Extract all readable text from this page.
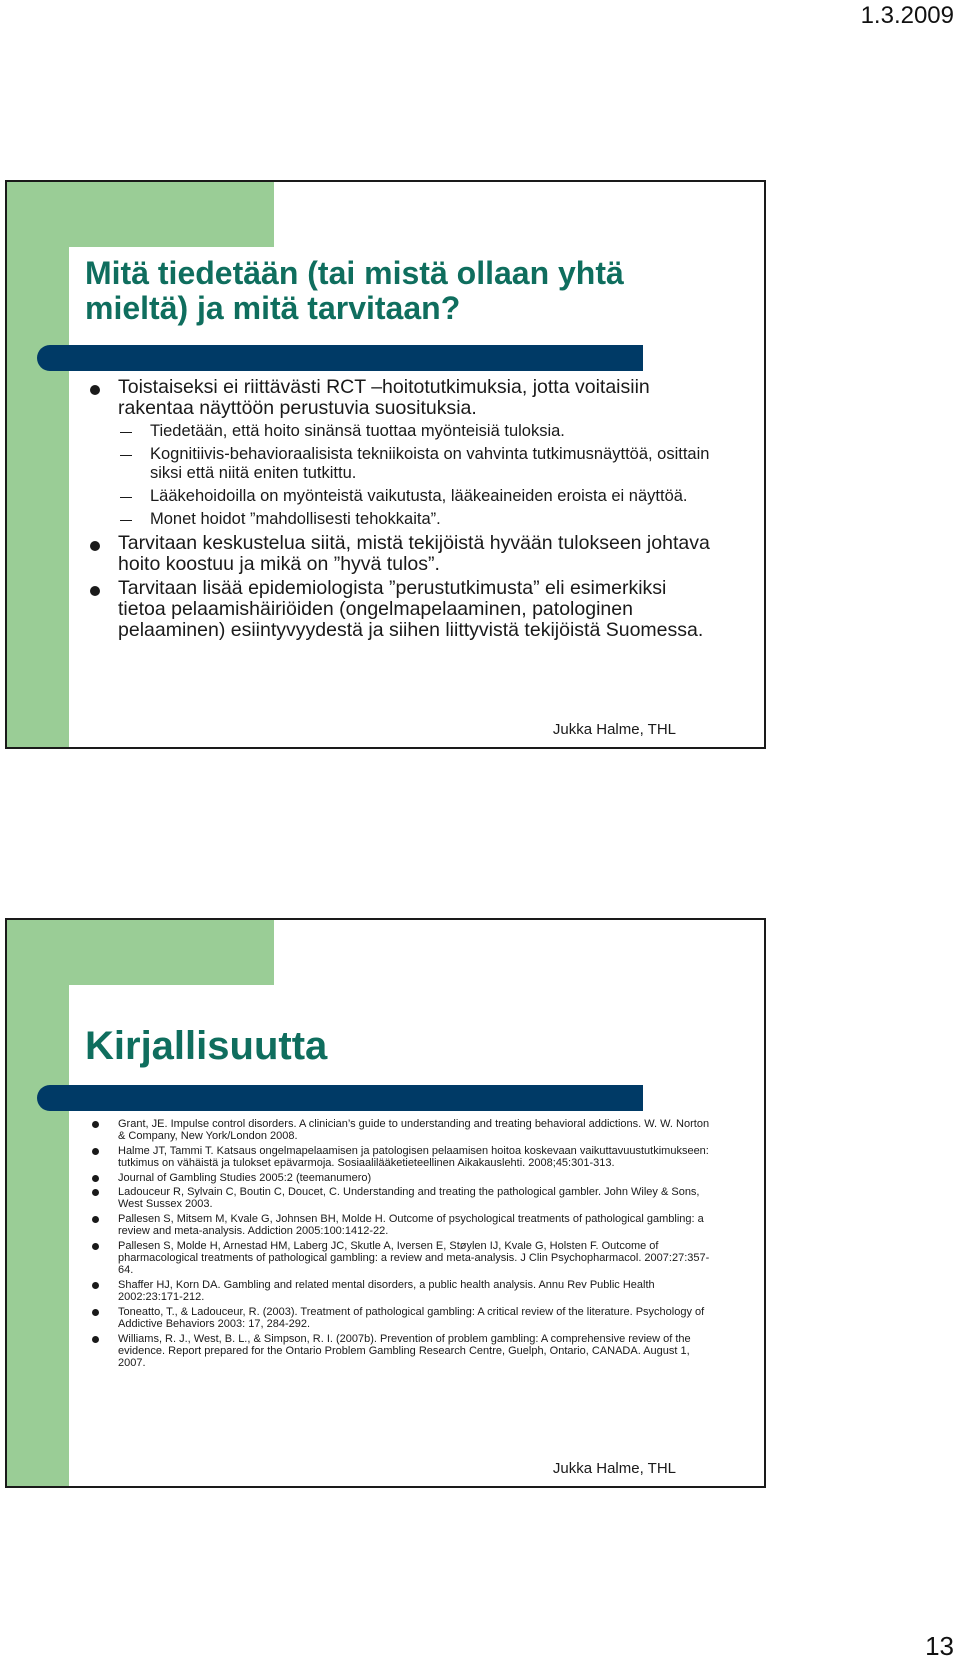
1.3.2009
Mitä tiedetään (tai mistä ollaan yhtä
mieltä) ja mitä tarvitaan?
Toistaiseksi ei riittävästi RCT –hoitotutkimuksia, jotta voitaisiin rakentaa näyttöön perustuvia suosituksia.
Tiedetään, että hoito sinänsä tuottaa myönteisiä tuloksia.
Kognitiivis-behavioraalisista tekniikoista on vahvinta tutkimusnäyttöä, osittain siksi että niitä eniten tutkittu.
Lääkehoidoilla on myönteistä vaikutusta, lääkeaineiden eroista ei näyttöä.
Monet hoidot ”mahdollisesti tehokkaita”.
Tarvitaan keskustelua siitä, mistä tekijöistä hyvään tulokseen johtava hoito koostuu ja mikä on ”hyvä tulos”.
Tarvitaan lisää epidemiologista ”perustutkimusta” eli esimerkiksi tietoa pelaamishäiriöiden (ongelmapelaaminen, patologinen pelaaminen) esiintyvyydestä ja siihen liittyvistä tekijöistä Suomessa.
Jukka Halme, THL
Kirjallisuutta
Grant, JE. Impulse control disorders. A clinician’s guide to understanding and treating behavioral addictions. W. W. Norton & Company, New York/London 2008.
Halme JT, Tammi T. Katsaus ongelmapelaamisen ja patologisen pelaamisen hoitoa koskevaan vaikuttavuustutkimukseen: tutkimus on vähäistä ja tulokset epävarmoja. Sosiaalilääketieteellinen Aikakauslehti. 2008;45:301-313.
Journal of Gambling Studies 2005:2 (teemanumero)
Ladouceur R, Sylvain C, Boutin C, Doucet, C. Understanding and treating the pathological gambler. John Wiley & Sons, West Sussex 2003.
Pallesen S, Mitsem M, Kvale G, Johnsen BH, Molde H. Outcome of psychological treatments of pathological gambling: a review and meta-analysis. Addiction 2005:100:1412-22.
Pallesen S, Molde H, Arnestad HM, Laberg JC, Skutle A, Iversen E, Støylen IJ, Kvale G, Holsten F. Outcome of pharmacological treatments of pathological gambling: a review and meta-analysis. J Clin Psychopharmacol. 2007:27:357-64.
Shaffer HJ, Korn DA. Gambling and related mental disorders, a public health analysis. Annu Rev Public Health 2002:23:171-212.
Toneatto, T., & Ladouceur, R. (2003). Treatment of pathological gambling: A critical review of the literature. Psychology of Addictive Behaviors 2003: 17, 284-292.
Williams, R. J., West, B. L., & Simpson, R. I. (2007b). Prevention of problem gambling: A comprehensive review of the evidence. Report prepared for the Ontario Problem Gambling Research Centre, Guelph, Ontario, CANADA. August 1, 2007.
Jukka Halme, THL
13
